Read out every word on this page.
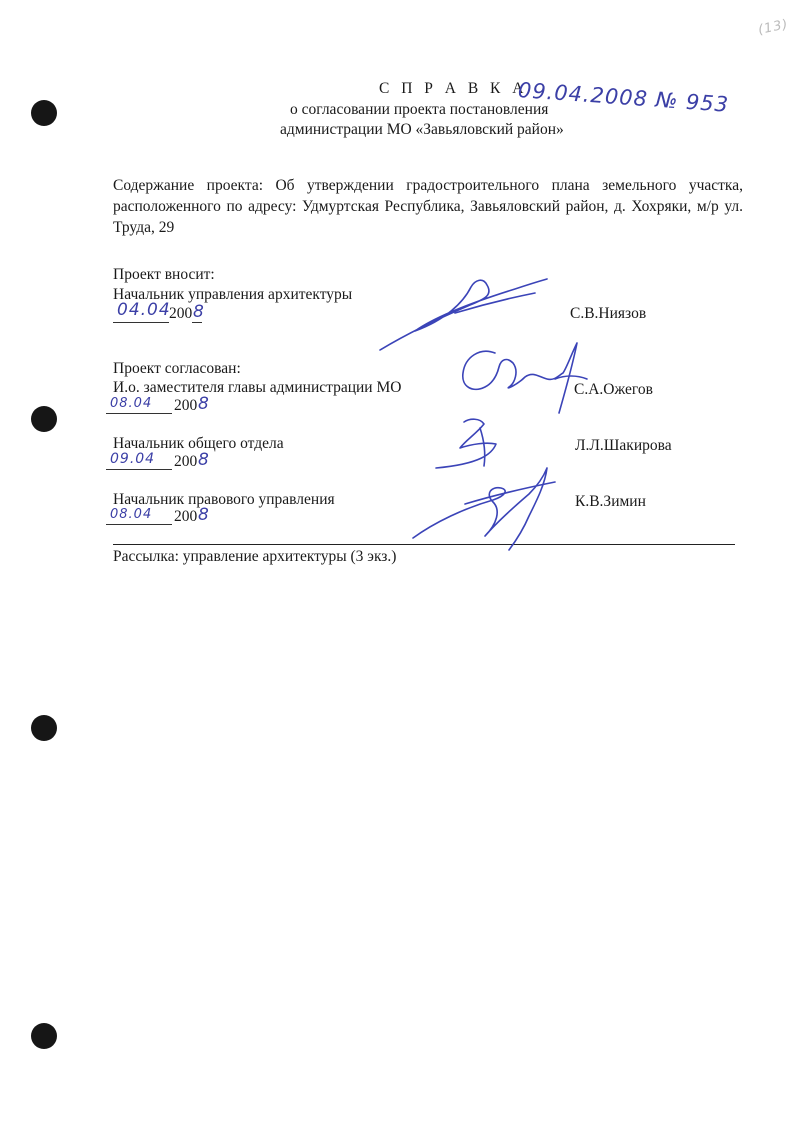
(13)
С П Р А В К А
09.04.2008 № 953
о согласовании проекта постановления
администрации МО «Завьяловский район»
Содержание проекта: Об утверждении градостроительного плана земельного участка, расположенного по адресу: Удмуртская Республика, Завьяловский район, д. Хохряки, м/р ул. Труда, 29
Проект вносит:
Начальник управления архитектуры
04.04
200 8	С.В.Ниязов
Проект согласован:
И.о. заместителя главы администрации МО	С.А.Ожегов
08.04 200 8
Начальник общего отдела	Л.Л.Шакирова
09.04 200 8
Начальник правового управления	К.В.Зимин
08.04 200 8
Рассылка: управление архитектуры (3 экз.)
